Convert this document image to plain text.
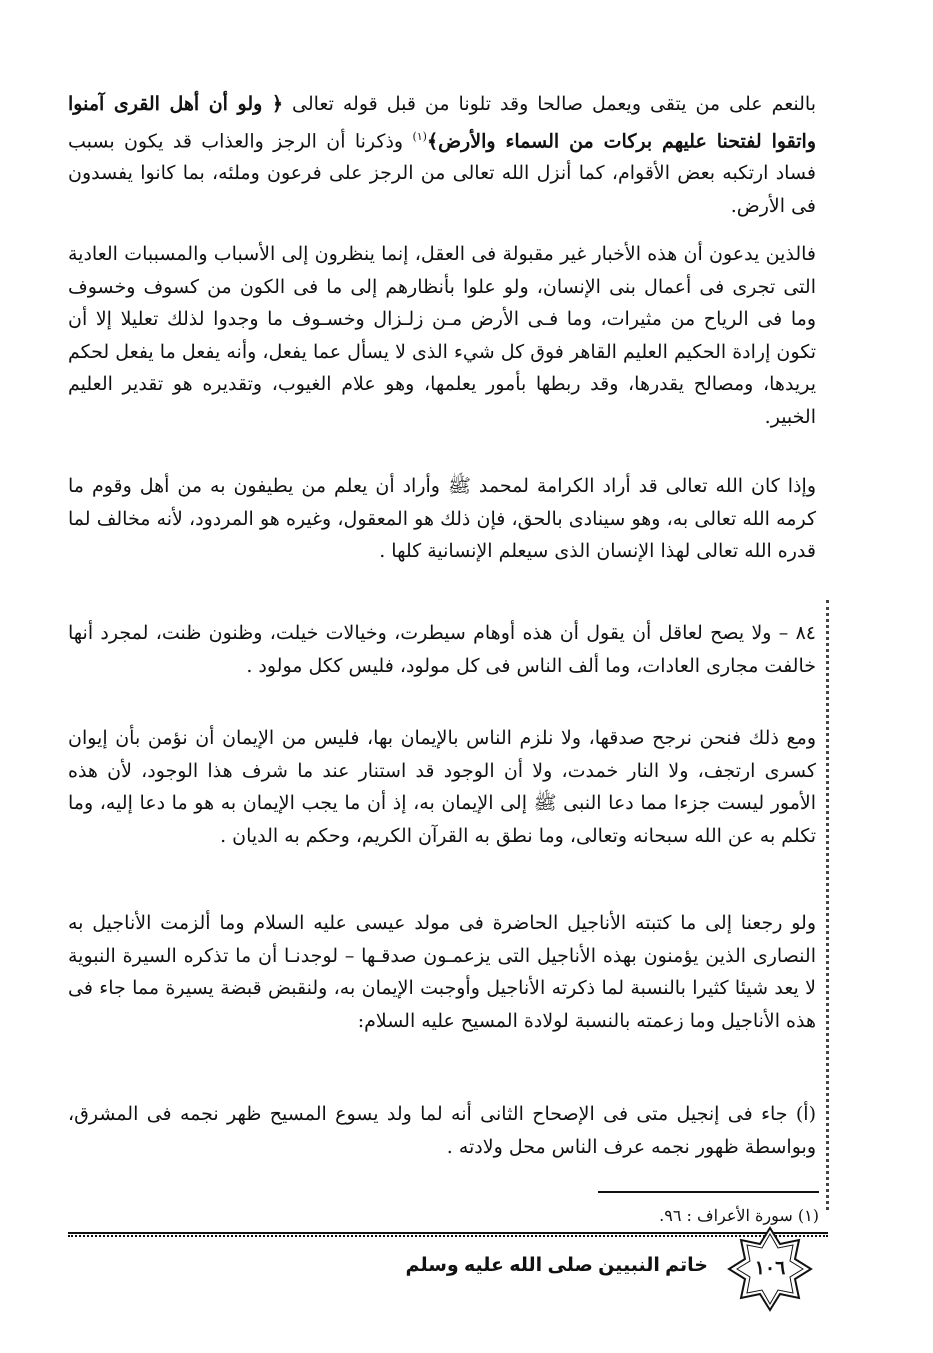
بالنعم على من يتقى ويعمل صالحا وقد تلونا من قبل قوله تعالى ﴿ ولو أن أهل القرى آمنوا واتقوا لفتحنا عليهم بركات من السماء والأرض﴾$^{(١)}$ وذكرنا أن الرجز والعذاب قد يكون بسبب فساد ارتكبه بعض الأقوام، كما أنزل الله تعالى من الرجز على فرعون وملئه، بما كانوا يفسدون فى الأرض.
فالذين يدعون أن هذه الأخبار غير مقبولة فى العقل، إنما ينظرون إلى الأسباب والمسببات العادية التى تجرى فى أعمال بنى الإنسان، ولو علوا بأنظارهم إلى ما فى الكون من كسوف وخسوف وما فى الرياح من مثيرات، وما فـى الأرض مـن زلـزال وخسـوف ما وجدوا لذلك تعليلا إلا أن تكون إرادة الحكيم العليم القاهر فوق كل شيء الذى لا يسأل عما يفعل، وأنه يفعل ما يفعل لحكم يريدها، ومصالح يقدرها، وقد ربطها بأمور يعلمها، وهو علام الغيوب، وتقديره هو تقدير العليم الخبير.
وإذا كان الله تعالى قد أراد الكرامة لمحمد ﷺ وأراد أن يعلم من يطيفون به من أهل وقوم ما كرمه الله تعالى به، وهو سينادى بالحق، فإن ذلك هو المعقول، وغيره هو المردود، لأنه مخالف لما قدره الله تعالى لهذا الإنسان الذى سيعلم الإنسانية كلها .
٨٤ – ولا يصح لعاقل أن يقول أن هذه أوهام سيطرت، وخيالات خيلت، وظنون ظنت، لمجرد أنها خالفت مجارى العادات، وما ألف الناس فى كل مولود، فليس ككل مولود .
ومع ذلك فنحن نرجح صدقها، ولا نلزم الناس بالإيمان بها، فليس من الإيمان أن نؤمن بأن إيوان كسرى ارتجف، ولا النار خمدت، ولا أن الوجود قد استنار عند ما شرف هذا الوجود، لأن هذه الأمور ليست جزءا مما دعا النبى ﷺ إلى الإيمان به، إذ أن ما يجب الإيمان به هو ما دعا إليه، وما تكلم به عن الله سبحانه وتعالى، وما نطق به القرآن الكريم، وحكم به الديان .
ولو رجعنا إلى ما كتبته الأناجيل الحاضرة فى مولد عيسى عليه السلام وما ألزمت الأناجيل به النصارى الذين يؤمنون بهذه الأناجيل التى يزعمـون صدقـها – لوجدنـا أن ما تذكره السيرة النبوية لا يعد شيئا كثيرا بالنسبة لما ذكرته الأناجيل وأوجبت الإيمان به، ولنقبض قبضة يسيرة مما جاء فى هذه الأناجيل وما زعمته بالنسبة لولادة المسيح عليه السلام:
(أ) جاء فى إنجيل متى فى الإصحاح الثانى أنه لما ولد يسوع المسيح ظهر نجمه فى المشرق، وبواسطة ظهور نجمه عرف الناس محل ولادته .
(١) سورة الأعراف : ٩٦.
١٠٦
خاتم النبيين صلى الله عليه وسلم
